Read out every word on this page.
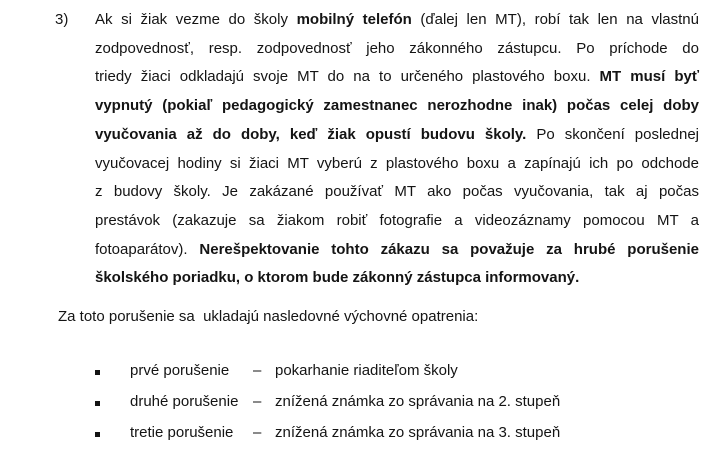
3) Ak si žiak vezme do školy mobilný telefón (ďalej len MT), robí tak len na vlastnú
zodpovednosť, resp. zodpovednosť jeho zákonného zástupcu. Po príchode do
triedy žiaci odkladajú svoje MT do na to určeného plastového boxu. MT musí byť
vypnutý (pokiaľ pedagogický zamestnanec nerozhodne inak) počas celej doby
vyučovania až do doby, keď žiak opustí budovu školy. Po skončení poslednej
vyučovacej hodiny si žiaci MT vyberú z plastového boxu a zapínajú ich po odchode
z budovy školy. Je zakázané používať MT ako počas vyučovania, tak aj počas
prestávok (zakazuje sa žiakom robiť fotografie a videozáznamy pomocou MT a
fotoaparátov). Nerešpektovanie tohto zákazu sa považuje za hrubé porušenie
školského poriadku, o ktorom bude zákonný zástupca informovaný.
Za toto porušenie sa  ukladajú nasledovné výchovné opatrenia:
prvé porušenie	– pokarhanie riaditeľom školy
druhé porušenie – znížená známka zo správania na 2. stupeň
tretie porušenie	– znížená známka zo správania na 3. stupeň
